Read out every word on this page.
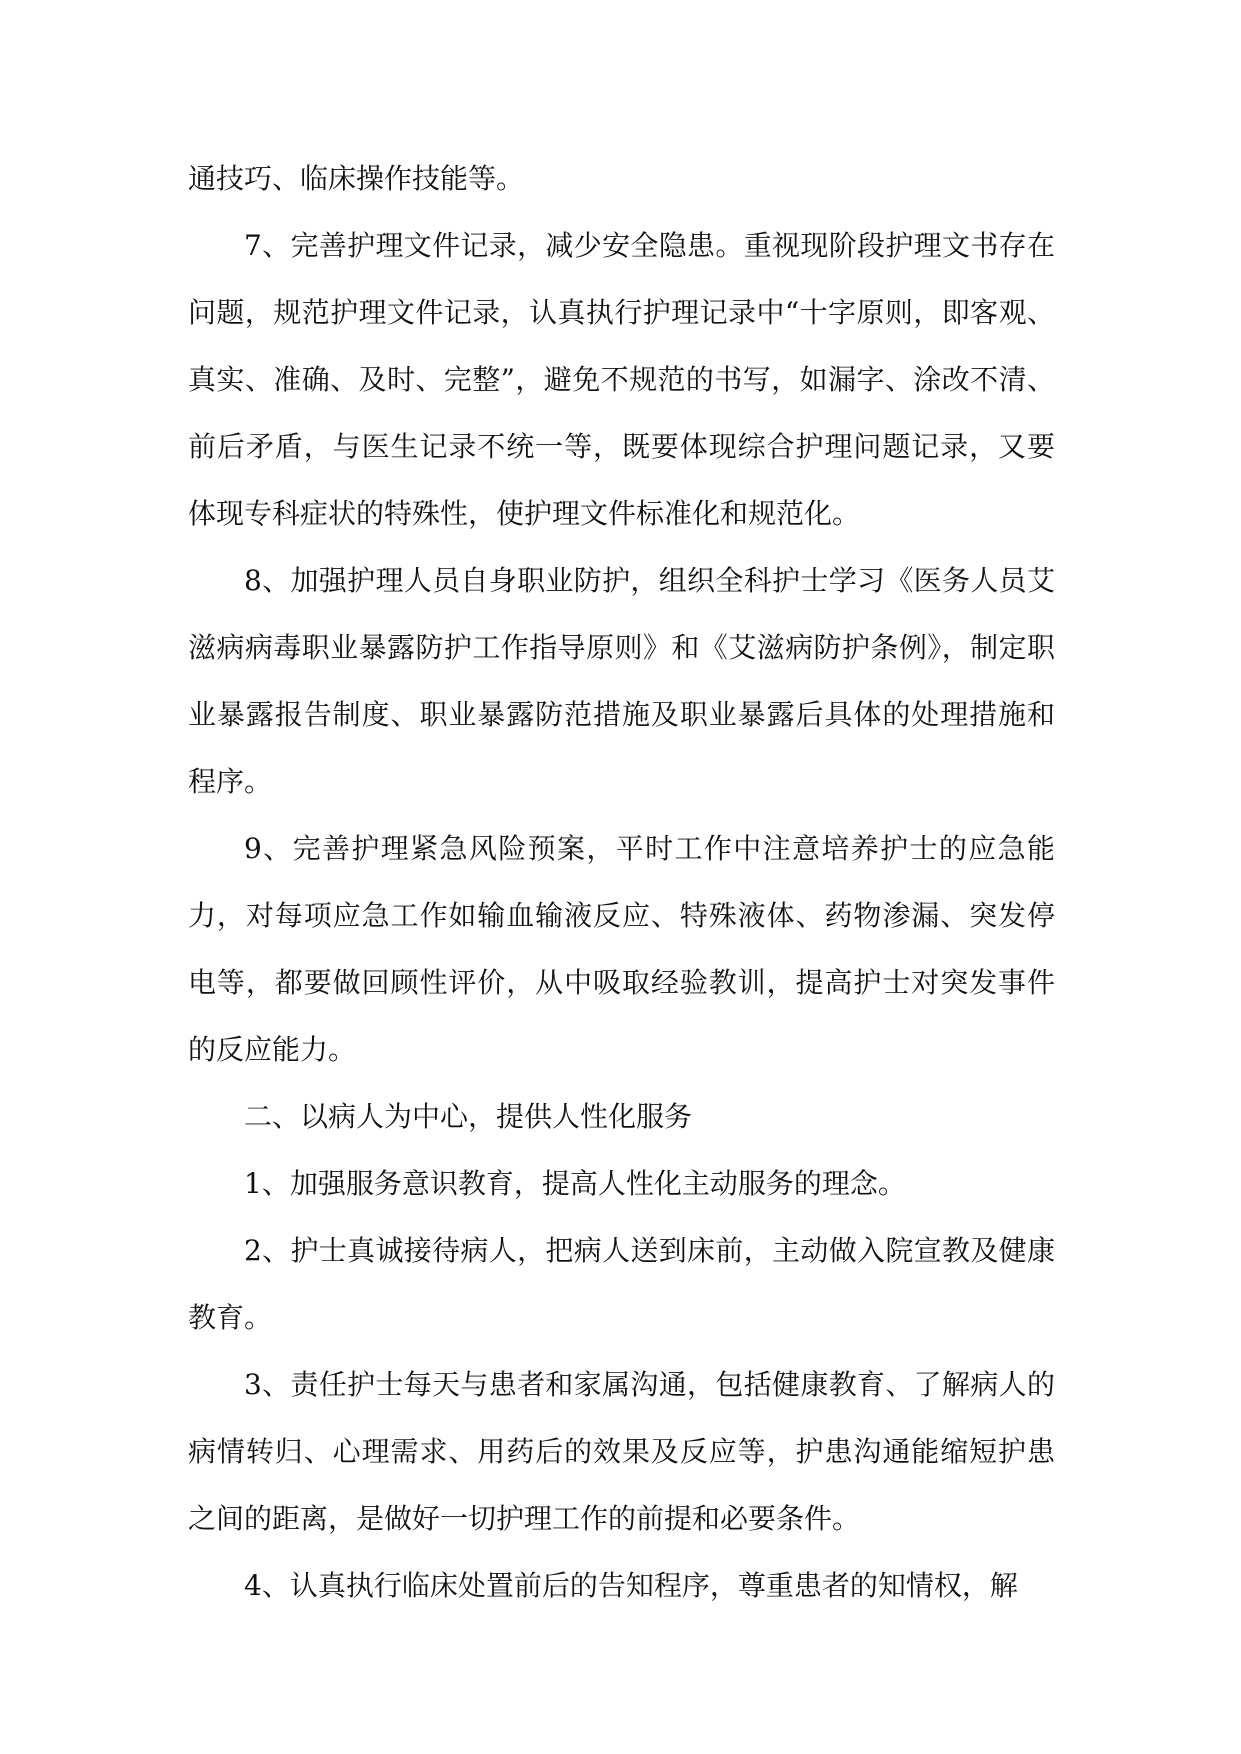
通技巧、临床操作技能等。

7、完善护理文件记录，减少安全隐患。重视现阶段护理文书存在问题，规范护理文件记录，认真执行护理记录中“十字原则，即客观、真实、准确、及时、完整”，避免不规范的书写，如漏字、涂改不清、前后矛盾，与医生记录不统一等，既要体现综合护理问题记录，又要体现专科症状的特殊性，使护理文件标准化和规范化。

8、加强护理人员自身职业防护，组织全科护士学习《医务人员艾滋病病毒职业暴露防护工作指导原则》和《艾滋病防护条例》，制定职业暴露报告制度、职业暴露防范措施及职业暴露后具体的处理措施和程序。

9、完善护理紧急风险预案，平时工作中注意培养护士的应急能力，对每项应急工作如输血输液反应、特殊液体、药物渗漏、突发停电等，都要做回顾性评价，从中吸取经验教训，提高护士对突发事件的反应能力。

二、以病人为中心，提供人性化服务

1、加强服务意识教育，提高人性化主动服务的理念。

2、护士真诚接待病人，把病人送到床前，主动做入院宣教及健康教育。

3、责任护士每天与患者和家属沟通，包括健康教育、了解病人的病情转归、心理需求、用药后的效果及反应等，护患沟通能缩短护患之间的距离，是做好一切护理工作的前提和必要条件。

4、认真执行临床处置前后的告知程序，尊重患者的知情权，解
